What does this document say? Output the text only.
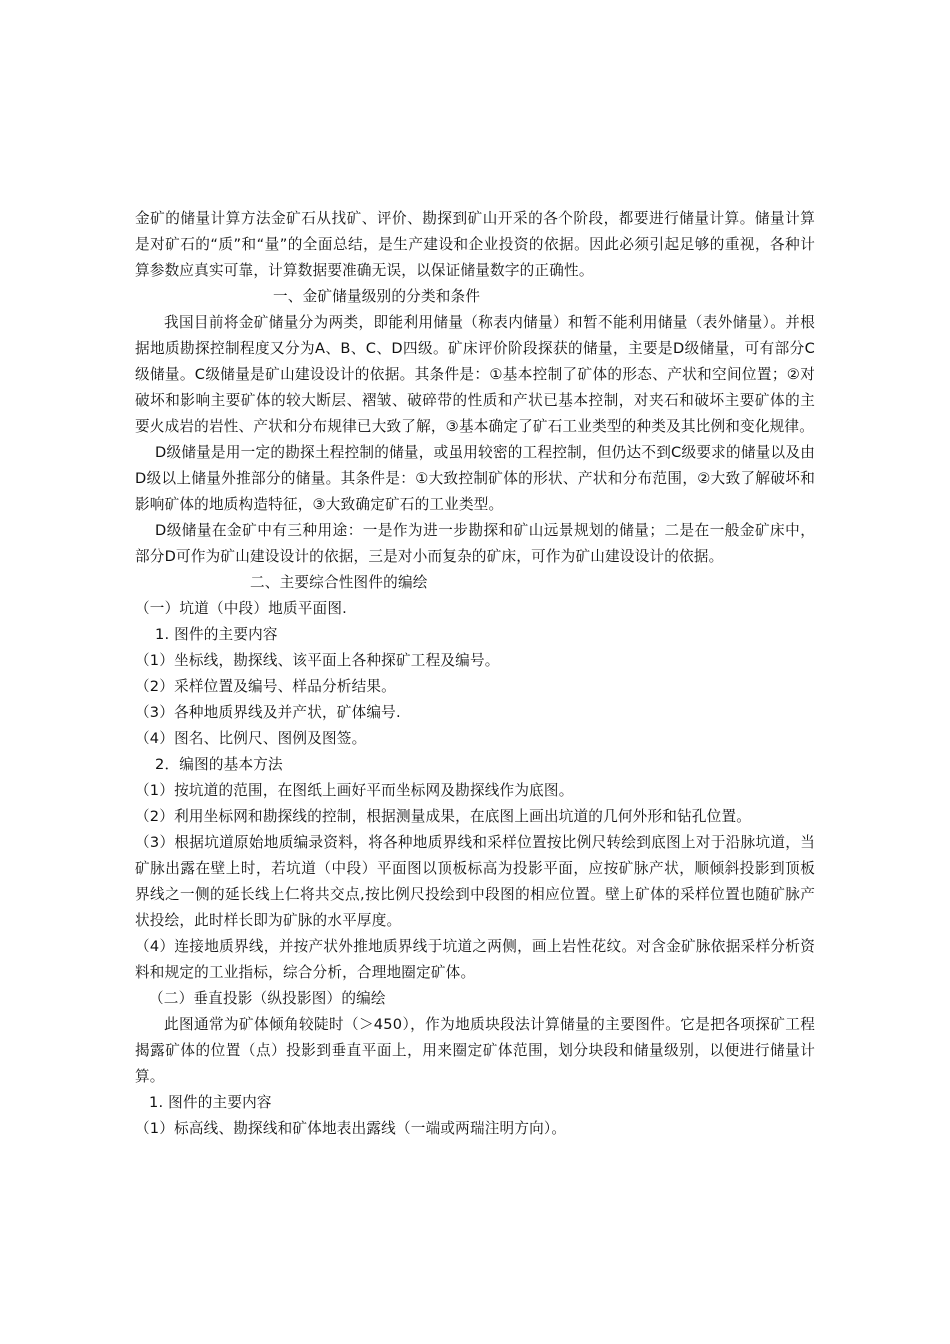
金矿的储量计算方法金矿石从找矿、评价、勘探到矿山开采的各个阶段，都要进行储量计算。储量计算是对矿石的“质”和“量”的全面总结，是生产建设和企业投资的依据。因此必须引起足够的重视，各种计算参数应真实可靠，计算数据要准确无误，以保证储量数字的正确性。

一、金矿储量级别的分类和条件

我国目前将金矿储量分为两类，即能利用储量（称表内储量）和暂不能利用储量（表外储量）。并根据地质勘探控制程度又分为A、B、C、D四级。矿床评价阶段探获的储量，主要是D级储量，可有部分C级储量。C级储量是矿山建设设计的依据。其条件是：①基本控制了矿体的形态、产状和空间位置；②对破坏和影响主要矿体的较大断层、褶皱、破碎带的性质和产状已基本控制，对夹石和破坏主要矿体的主要火成岩的岩性、产状和分布规律已大致了解，③基本确定了矿石工业类型的种类及其比例和变化规律。

D级储量是用一定的勘探土程控制的储量，或虽用较密的工程控制，但仍达不到C级要求的储量以及由D级以上储量外推部分的储量。其条件是：①大致控制矿体的形状、产状和分布范围，②大致了解破坏和影响矿体的地质构造特征，③大致确定矿石的工业类型。

D级储量在金矿中有三种用途：一是作为进一步勘探和矿山远景规划的储量；二是在一般金矿床中，部分D可作为矿山建设设计的依据，三是对小而复杂的矿床，可作为矿山建设设计的依据。

二、主要综合性图件的编绘

（一）坑道（中段）地质平面图.

1. 图件的主要内容

（1）坐标线，勘探线、该平面上各种探矿工程及编号。

（2）采样位置及编号、样品分析结果。

（3）各种地质界线及并产状，矿体编号.

（4）图名、比例尺、图例及图签。

2．编图的基本方法

（1）按坑道的范围，在图纸上画好平而坐标网及勘探线作为底图。

（2）利用坐标网和勘探线的控制，根据测量成果，在底图上画出坑道的几何外形和钻孔位置。

（3）根据坑道原始地质编录资料，将各种地质界线和采样位置按比例尺转绘到底图上对于沿脉坑道，当矿脉出露在壁上时，若坑道（中段）平面图以顶板标高为投影平面，应按矿脉产状，顺倾斜投影到顶板界线之一侧的延长线上仁将共交点,按比例尺投绘到中段图的相应位置。壁上矿体的采样位置也随矿脉产状投绘，此时样长即为矿脉的水平厚度。

（4）连接地质界线，并按产状外推地质界线于坑道之两侧，画上岩性花纹。对含金矿脉依据采样分析资料和规定的工业指标，综合分析，合理地圈定矿体。

（二）垂直投影（纵投影图）的编绘

此图通常为矿体倾角较陡时（＞450），作为地质块段法计算储量的主要图件。它是把各项探矿工程揭露矿体的位置（点）投影到垂直平面上，用来圈定矿体范围，划分块段和储量级别，以便进行储量计算。

1. 图件的主要内容

（1）标高线、勘探线和矿体地表出露线（一端或两瑞注明方向）。
